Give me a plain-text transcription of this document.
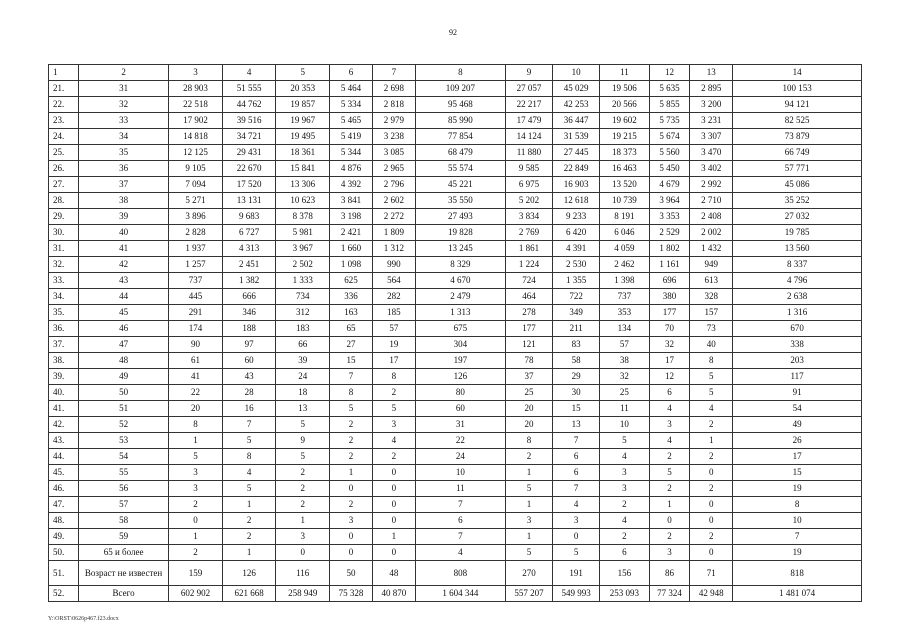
92
1	2	3	4	5	6	7	8	9	10	11	12	13	14
21.	31	28 903	51 555	20 353	5 464	2 698	109 207	27 057	45 029	19 506	5 635	2 895	100 153
22.	32	22 518	44 762	19 857	5 334	2 818	95 468	22 217	42 253	20 566	5 855	3 200	94 121
23.	33	17 902	39 516	19 967	5 465	2 979	85 990	17 479	36 447	19 602	5 735	3 231	82 525
24.	34	14 818	34 721	19 495	5 419	3 238	77 854	14 124	31 539	19 215	5 674	3 307	73 879
25.	35	12 125	29 431	18 361	5 344	3 085	68 479	11 880	27 445	18 373	5 560	3 470	66 749
26.	36	9 105	22 670	15 841	4 876	2 965	55 574	9 585	22 849	16 463	5 450	3 402	57 771
27.	37	7 094	17 520	13 306	4 392	2 796	45 221	6 975	16 903	13 520	4 679	2 992	45 086
28.	38	5 271	13 131	10 623	3 841	2 602	35 550	5 202	12 618	10 739	3 964	2 710	35 252
29.	39	3 896	9 683	8 378	3 198	2 272	27 493	3 834	9 233	8 191	3 353	2 408	27 032
30.	40	2 828	6 727	5 981	2 421	1 809	19 828	2 769	6 420	6 046	2 529	2 002	19 785
31.	41	1 937	4 313	3 967	1 660	1 312	13 245	1 861	4 391	4 059	1 802	1 432	13 560
32.	42	1 257	2 451	2 502	1 098	990	8 329	1 224	2 530	2 462	1 161	949	8 337
33.	43	737	1 382	1 333	625	564	4 670	724	1 355	1 398	696	613	4 796
34.	44	445	666	734	336	282	2 479	464	722	737	380	328	2 638
35.	45	291	346	312	163	185	1 313	278	349	353	177	157	1 316
36.	46	174	188	183	65	57	675	177	211	134	70	73	670
37.	47	90	97	66	27	19	304	121	83	57	32	40	338
38.	48	61	60	39	15	17	197	78	58	38	17	8	203
39.	49	41	43	24	7	8	126	37	29	32	12	5	117
40.	50	22	28	18	8	2	80	25	30	25	6	5	91
41.	51	20	16	13	5	5	60	20	15	11	4	4	54
42.	52	8	7	5	2	3	31	20	13	10	3	2	49
43.	53	1	5	9	2	4	22	8	7	5	4	1	26
44.	54	5	8	5	2	2	24	2	6	4	2	2	17
45.	55	3	4	2	1	0	10	1	6	3	5	0	15
46.	56	3	5	2	0	0	11	5	7	3	2	2	19
47.	57	2	1	2	2	0	7	1	4	2	1	0	8
48.	58	0	2	1	3	0	6	3	3	4	0	0	10
49.	59	1	2	3	0	1	7	1	0	2	2	2	7
50.	65 и более	2	1	0	0	0	4	5	5	6	3	0	19
51.	Возраст не известен	159	126	116	50	48	808	270	191	156	86	71	818
52.	Всего	602 902	621 668	258 949	75 328	40 870	1 604 344	557 207	549 993	253 093	77 324	42 948	1 481 074
Y:\ORST\0626p467.f23.docx
